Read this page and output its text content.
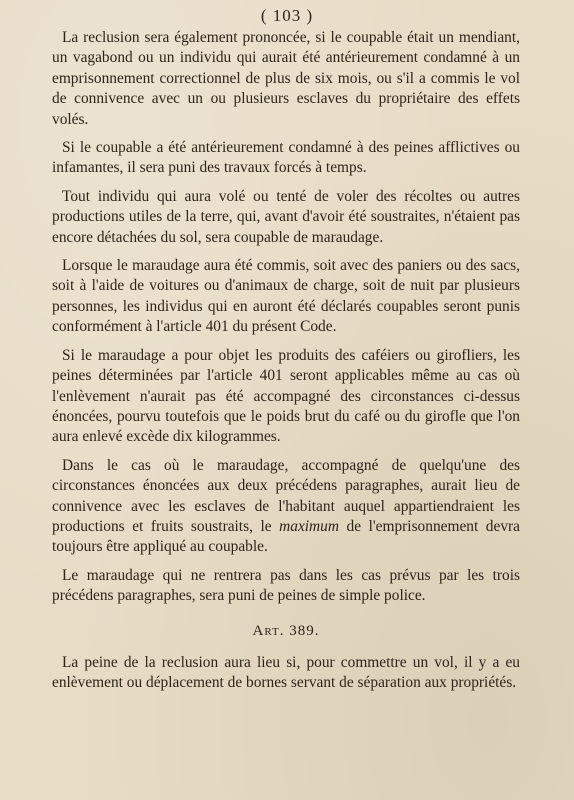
( 103 )

La reclusion sera également prononcée, si le coupable était un mendiant, un vagabond ou un individu qui aurait été antérieurement condamné à un emprisonnement correctionnel de plus de six mois, ou s'il a commis le vol de connivence avec un ou plusieurs esclaves du propriétaire des effets volés.

Si le coupable a été antérieurement condamné à des peines afflictives ou infamantes, il sera puni des travaux forcés à temps.

Tout individu qui aura volé ou tenté de voler des récoltes ou autres productions utiles de la terre, qui, avant d'avoir été soustraites, n'étaient pas encore détachées du sol, sera coupable de maraudage.

Lorsque le maraudage aura été commis, soit avec des paniers ou des sacs, soit à l'aide de voitures ou d'animaux de charge, soit de nuit par plusieurs personnes, les individus qui en auront été déclarés coupables seront punis conformément à l'article 401 du présent Code.

Si le maraudage a pour objet les produits des caféiers ou girofliers, les peines déterminées par l'article 401 seront applicables même au cas où l'enlèvement n'aurait pas été accompagné des circonstances ci-dessus énoncées, pourvu toutefois que le poids brut du café ou du girofle que l'on aura enlevé excède dix kilogrammes.

Dans le cas où le maraudage, accompagné de quelqu'une des circonstances énoncées aux deux précédens paragraphes, aurait lieu de connivence avec les esclaves de l'habitant auquel appartiendraient les productions et fruits soustraits, le maximum de l'emprisonnement devra toujours être appliqué au coupable.

Le maraudage qui ne rentrera pas dans les cas prévus par les trois précédens paragraphes, sera puni de peines de simple police.

Art. 389.

La peine de la reclusion aura lieu si, pour commettre un vol, il y a eu enlèvement ou déplacement de bornes servant de séparation aux propriétés.
